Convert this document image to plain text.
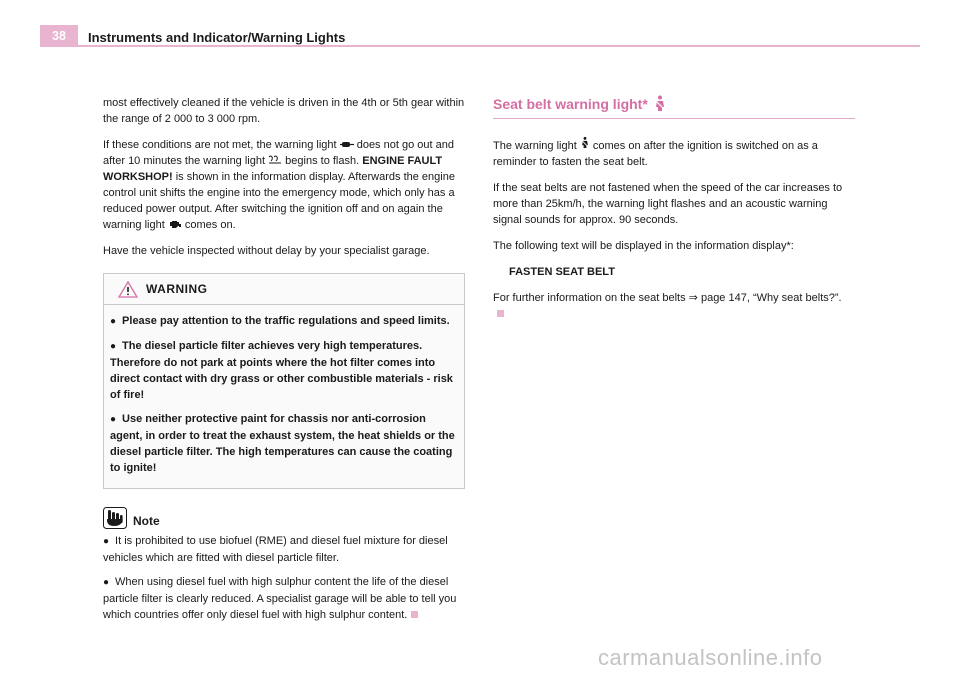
38	Instruments and Indicator/Warning Lights

most effectively cleaned if the vehicle is driven in the 4th or 5th gear within the range of 2 000 to 3 000 rpm.

If these conditions are not met, the warning light does not go out and after 10 minutes the warning light begins to flash. ENGINE FAULT WORKSHOP! is shown in the information display. Afterwards the engine control unit shifts the engine into the emergency mode, which only has a reduced power output. After switching the ignition off and on again the warning light comes on.

Have the vehicle inspected without delay by your specialist garage.

WARNING
● Please pay attention to the traffic regulations and speed limits.
● The diesel particle filter achieves very high temperatures. Therefore do not park at points where the hot filter comes into direct contact with dry grass or other combustible materials - risk of fire!
● Use neither protective paint for chassis nor anti-corrosion agent, in order to treat the exhaust system, the heat shields or the diesel particle filter. The high temperatures can cause the coating to ignite!
Note
● It is prohibited to use biofuel (RME) and diesel fuel mixture for diesel vehicles which are fitted with diesel particle filter.
● When using diesel fuel with high sulphur content the life of the diesel particle filter is clearly reduced. A specialist garage will be able to tell you which countries offer only diesel fuel with high sulphur content.
Seat belt warning light*

The warning light comes on after the ignition is switched on as a reminder to fasten the seat belt.

If the seat belts are not fastened when the speed of the car increases to more than 25km/h, the warning light flashes and an acoustic warning signal sounds for approx. 90 seconds.

The following text will be displayed in the information display*:

FASTEN SEAT BELT

For further information on the seat belts ⇒ page 147, “Why seat belts?”.

carmanualsonline.info
